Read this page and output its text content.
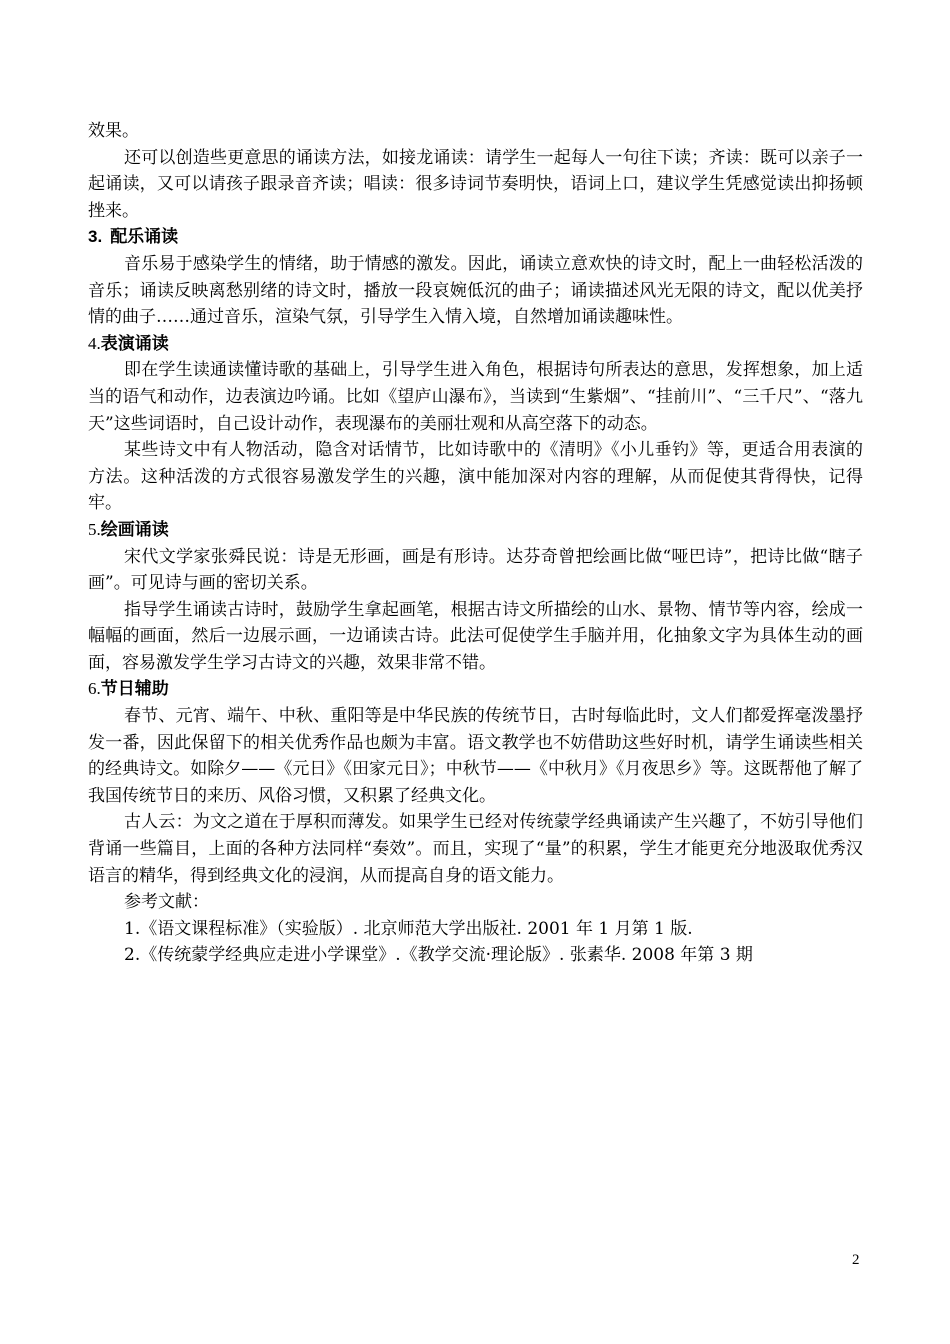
效果。

还可以创造些更意思的诵读方法，如接龙诵读：请学生一起每人一句往下读；齐读：既可以亲子一起诵读，又可以请孩子跟录音齐读；唱读：很多诗词节奏明快，语词上口，建议学生凭感觉读出抑扬顿挫来。

3. 配乐诵读

音乐易于感染学生的情绪，助于情感的激发。因此，诵读立意欢快的诗文时，配上一曲轻松活泼的音乐；诵读反映离愁别绪的诗文时，播放一段哀婉低沉的曲子；诵读描述风光无限的诗文，配以优美抒情的曲子……通过音乐，渲染气氛，引导学生入情入境，自然增加诵读趣味性。

4.表演诵读

即在学生读通读懂诗歌的基础上，引导学生进入角色，根据诗句所表达的意思，发挥想象，加上适当的语气和动作，边表演边吟诵。比如《望庐山瀑布》，当读到“生紫烟”、“挂前川”、“三千尺”、“落九天”这些词语时，自己设计动作，表现瀑布的美丽壮观和从高空落下的动态。

某些诗文中有人物活动，隐含对话情节，比如诗歌中的《清明》《小儿垂钓》等，更适合用表演的方法。这种活泼的方式很容易激发学生的兴趣，演中能加深对内容的理解，从而促使其背得快，记得牢。

5.绘画诵读

宋代文学家张舜民说：诗是无形画，画是有形诗。达芬奇曾把绘画比做“哑巴诗”，把诗比做“瞎子画”。可见诗与画的密切关系。

指导学生诵读古诗时，鼓励学生拿起画笔，根据古诗文所描绘的山水、景物、情节等内容，绘成一幅幅的画面，然后一边展示画，一边诵读古诗。此法可促使学生手脑并用，化抽象文字为具体生动的画面，容易激发学生学习古诗文的兴趣，效果非常不错。

6.节日辅助

春节、元宵、端午、中秋、重阳等是中华民族的传统节日，古时每临此时，文人们都爱挥毫泼墨抒发一番，因此保留下的相关优秀作品也颇为丰富。语文教学也不妨借助这些好时机，请学生诵读些相关的经典诗文。如除夕——《元日》《田家元日》；中秋节——《中秋月》《月夜思乡》等。这既帮他了解了我国传统节日的来历、风俗习惯，又积累了经典文化。

古人云：为文之道在于厚积而薄发。如果学生已经对传统蒙学经典诵读产生兴趣了，不妨引导他们背诵一些篇目，上面的各种方法同样“奏效”。而且，实现了“量”的积累，学生才能更充分地汲取优秀汉语言的精华，得到经典文化的浸润，从而提高自身的语文能力。

参考文献：

1.《语文课程标准》（实验版）. 北京师范大学出版社. 2001 年 1 月第 1 版.

2.《传统蒙学经典应走进小学课堂》.《教学交流·理论版》. 张素华. 2008 年第 3 期

2
